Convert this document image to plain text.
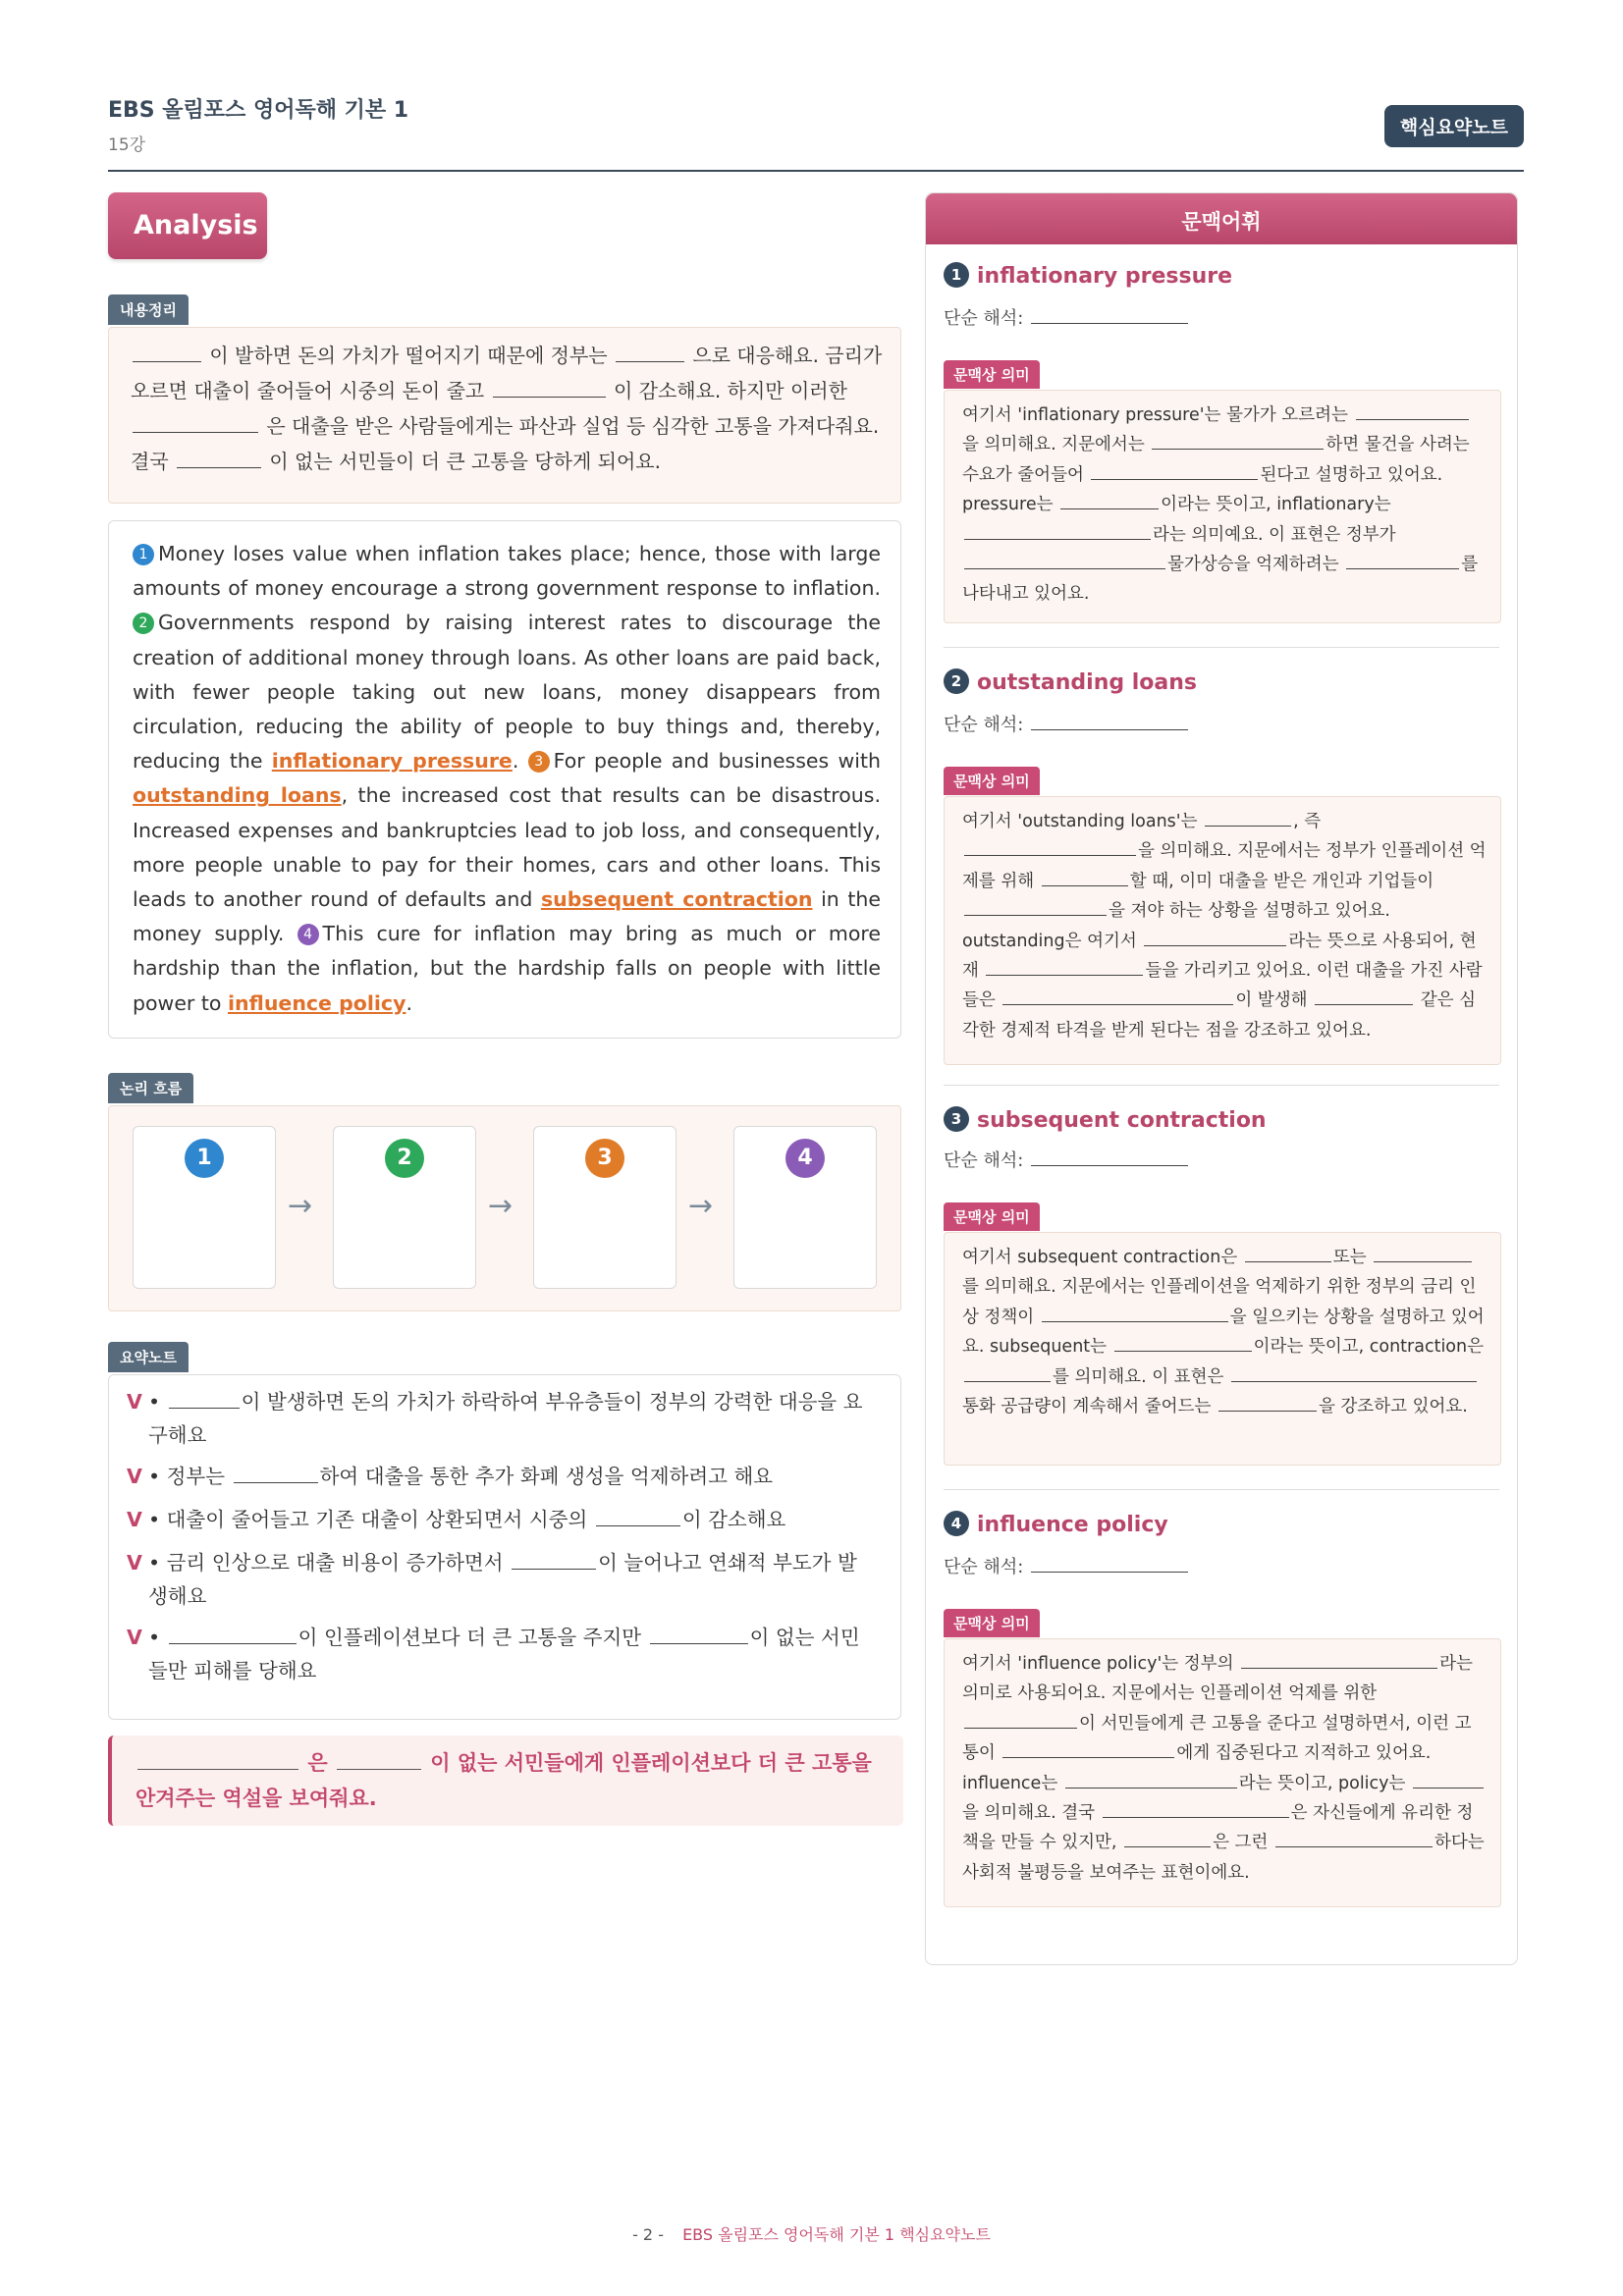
EBS 올림포스 영어독해 기본 1
15강
핵심요약노트
Analysis
내용정리
이 발하면 돈의 가치가 떨어지기 때문에 정부는	으로 대응해요. 금리가 오르면 대출이 줄어들어 시중의 돈이 줄고	이 감소해요. 하지만 이러한  은 대출을 받은 사람들에게는 파산과 실업 등 심각한 고통을 가져다줘요. 결국	이 없는 서민들이 더 큰 고통을 당하게 되어요.
1 Money loses value when inflation takes place; hence, those with large amounts of money encourage a strong government response to inflation. 2 Governments respond by raising interest rates to discourage the creation of additional money through loans. As other loans are paid back, with fewer people taking out new loans, money disappears from circulation, reducing the ability of people to buy things and, thereby, reducing the inflationary pressure. 3 For people and businesses with outstanding loans, the increased cost that results can be disastrous. Increased expenses and bankruptcies lead to job loss, and consequently, more people unable to pay for their homes, cars and other loans. This leads to another round of defaults and subsequent contraction in the money supply. 4 This cure for inflation may bring as much or more hardship than the inflation, but the hardship falls on people with little power to influence policy.
논리 흐름
1
→
2
→
3
→
4
요약노트
V •	이 발생하면 돈의 가치가 하락하여 부유층들이 정부의 강력한 대응을 요구해요
V • 정부는	하여 대출을 통한 추가 화폐 생성을 억제하려고 해요
V • 대출이 줄어들고 기존 대출이 상환되면서 시중의	이 감소해요
V • 금리 인상으로 대출 비용이 증가하면서	이 늘어나고 연쇄적 부도가 발생해요
V •	이 인플레이션보다 더 큰 고통을 주지만	이 없는 서민들만 피해를 당해요
은	이 없는 서민들에게 인플레이션보다 더 큰 고통을 안겨주는 역설을 보여줘요.
문맥어휘
1 inflationary pressure
단순 해석:
문맥상 의미
여기서 'inflationary pressure'는 물가가 오르려는 을 의미해요. 지문에서는	하면 물건을 사려는 수요가 줄어들어	된다고 설명하고 있어요. pressure는	이라는 뜻이고, inflationary는 라는 의미예요. 이 표현은 정부가 물가상승을 억제하려는	를 나타내고 있어요.
2 outstanding loans
단순 해석:
문맥상 의미
여기서 'outstanding loans'는	, 즉 을 의미해요. 지문에서는 정부가 인플레이션 억제를 위해	할 때, 이미 대출을 받은 개인과 기업들이 을 져야 하는 상황을 설명하고 있어요. outstanding은 여기서	라는 뜻으로 사용되어, 현재	들을 가리키고 있어요. 이런 대출을 가진 사람들은	이 발생해	같은 심각한 경제적 타격을 받게 된다는 점을 강조하고 있어요.
3 subsequent contraction
단순 해석:
문맥상 의미
여기서 subsequent contraction은	또는 를 의미해요. 지문에서는 인플레이션을 억제하기 위한 정부의 금리 인상 정책이	을 일으키는 상황을 설명하고 있어요. subsequent는	이라는 뜻이고, contraction은 를 의미해요. 이 표현은 통화 공급량이 계속해서 줄어드는	을 강조하고 있어요.
4 influence policy
단순 해석:
문맥상 의미
여기서 'influence policy'는 정부의	라는 의미로 사용되어요. 지문에서는 인플레이션 억제를 위한 이 서민들에게 큰 고통을 준다고 설명하면서, 이런 고통이	에게 집중된다고 지적하고 있어요. influence는	라는 뜻이고, policy는 을 의미해요. 결국	은 자신들에게 유리한 정책을 만들 수 있지만,	은 그런	하다는 사회적 불평등을 보여주는 표현이에요.
- 2 - EBS 올림포스 영어독해 기본 1 핵심요약노트
